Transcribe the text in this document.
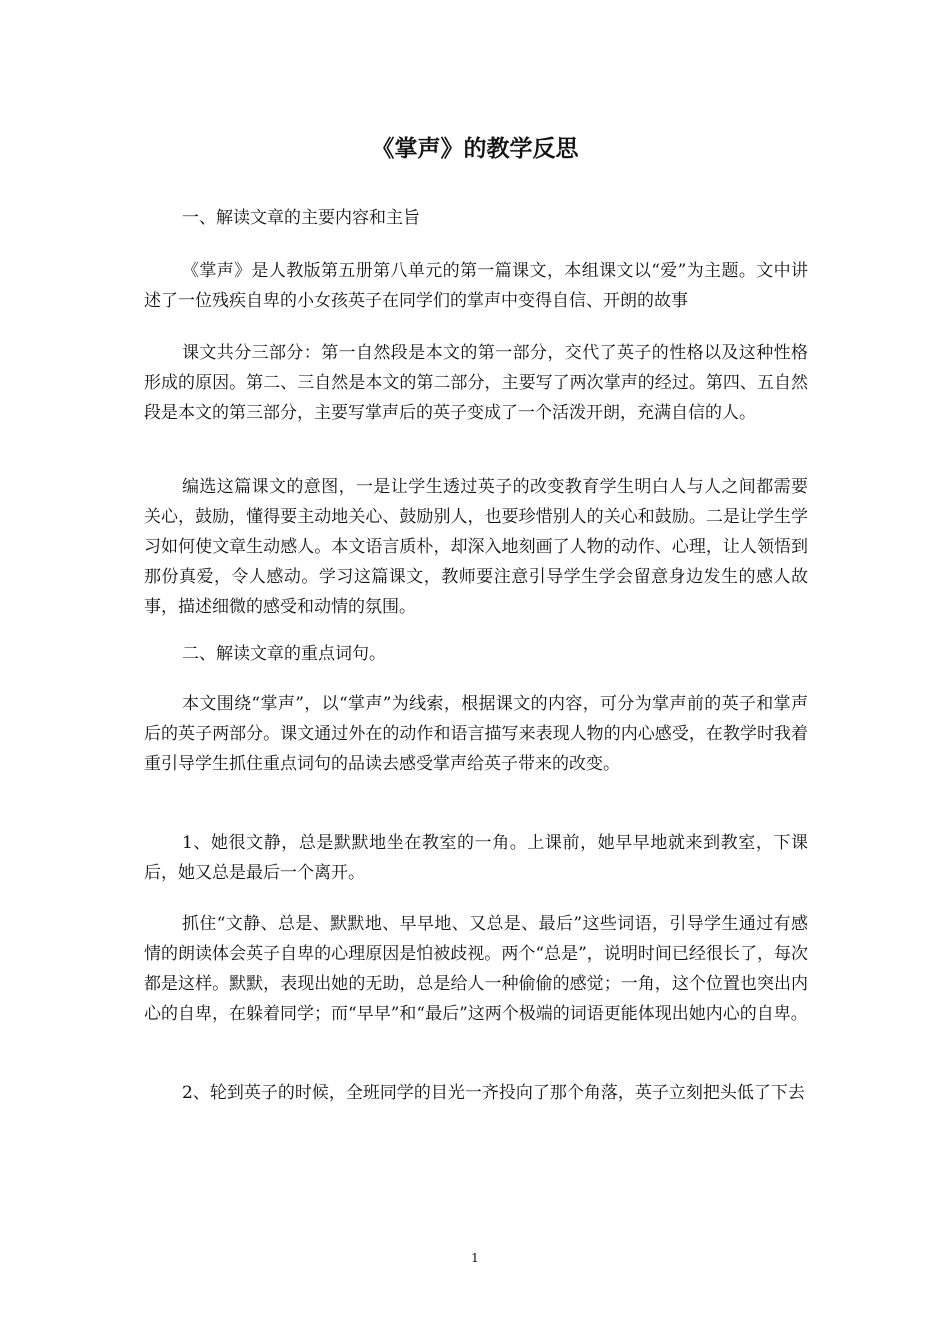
《掌声》的教学反思

一、解读文章的主要内容和主旨

《掌声》是人教版第五册第八单元的第一篇课文，本组课文以“爱”为主题。文中讲述了一位残疾自卑的小女孩英子在同学们的掌声中变得自信、开朗的故事

课文共分三部分：第一自然段是本文的第一部分，交代了英子的性格以及这种性格形成的原因。第二、三自然是本文的第二部分，主要写了两次掌声的经过。第四、五自然段是本文的第三部分，主要写掌声后的英子变成了一个活泼开朗，充满自信的人。

编选这篇课文的意图，一是让学生透过英子的改变教育学生明白人与人之间都需要关心，鼓励，懂得要主动地关心、鼓励别人，也要珍惜别人的关心和鼓励。二是让学生学习如何使文章生动感人。本文语言质朴，却深入地刻画了人物的动作、心理，让人领悟到那份真爱，令人感动。学习这篇课文，教师要注意引导学生学会留意身边发生的感人故事，描述细微的感受和动情的氛围。

二、解读文章的重点词句。

本文围绕“掌声”，以“掌声”为线索，根据课文的内容，可分为掌声前的英子和掌声后的英子两部分。课文通过外在的动作和语言描写来表现人物的内心感受，在教学时我着重引导学生抓住重点词句的品读去感受掌声给英子带来的改变。

1、她很文静，总是默默地坐在教室的一角。上课前，她早早地就来到教室，下课后，她又总是最后一个离开。

抓住“文静、总是、默默地、早早地、又总是、最后”这些词语，引导学生通过有感情的朗读体会英子自卑的心理原因是怕被歧视。两个“总是”，说明时间已经很长了，每次都是这样。默默，表现出她的无助，总是给人一种偷偷的感觉；一角，这个位置也突出内心的自卑，在躲着同学；而“早早”和“最后”这两个极端的词语更能体现出她内心的自卑。

2、轮到英子的时候，全班同学的目光一齐投向了那个角落，英子立刻把头低了下去

1
